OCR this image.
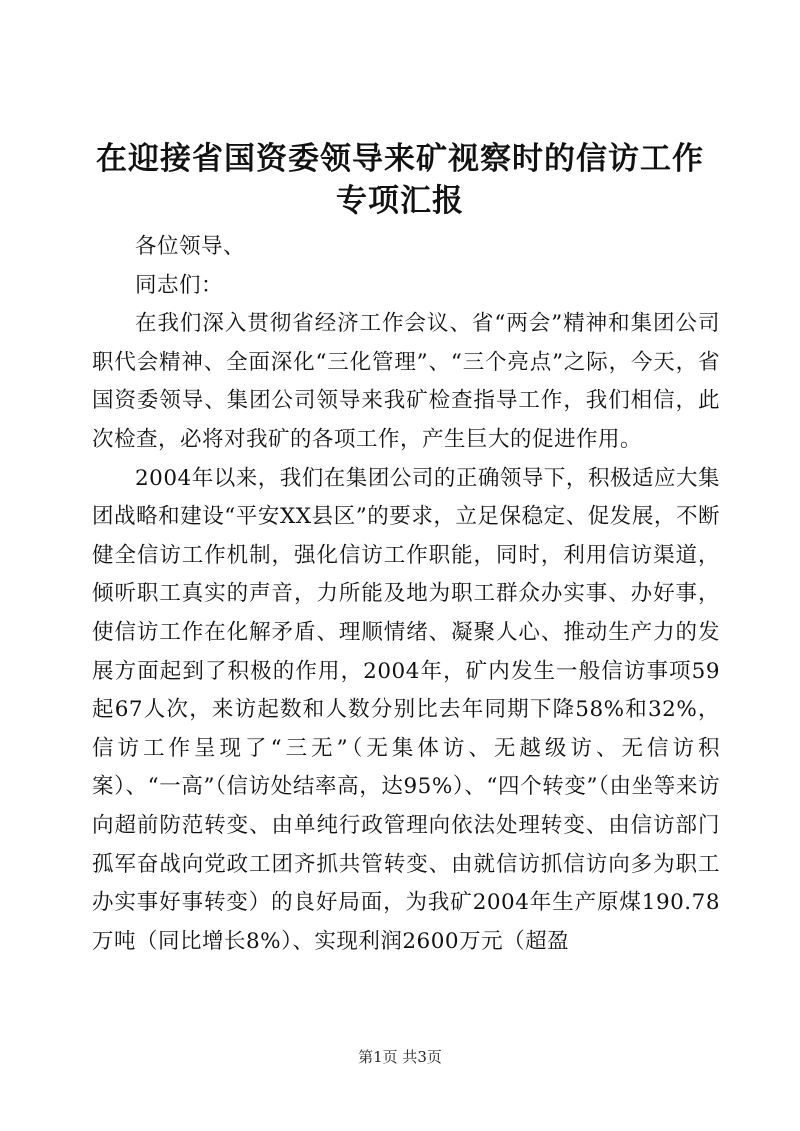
在迎接省国资委领导来矿视察时的信访工作专项汇报

各位领导、

同志们：

在我们深入贯彻省经济工作会议、省“两会”精神和集团公司职代会精神、全面深化“三化管理”、“三个亮点”之际，今天，省国资委领导、集团公司领导来我矿检查指导工作，我们相信，此次检查，必将对我矿的各项工作，产生巨大的促进作用。

2004年以来，我们在集团公司的正确领导下，积极适应大集团战略和建设“平安XX县区”的要求，立足保稳定、促发展，不断健全信访工作机制，强化信访工作职能，同时，利用信访渠道，倾听职工真实的声音，力所能及地为职工群众办实事、办好事，使信访工作在化解矛盾、理顺情绪、凝聚人心、推动生产力的发展方面起到了积极的作用，2004年，矿内发生一般信访事项59起67人次，来访起数和人数分别比去年同期下降58%和32%，信访工作呈现了“三无”（无集体访、无越级访、无信访积案）、“一高”（信访处结率高，达95%）、“四个转变”（由坐等来访向超前防范转变、由单纯行政管理向依法处理转变、由信访部门孤军奋战向党政工团齐抓共管转变、由就信访抓信访向多为职工办实事好事转变）的良好局面，为我矿2004年生产原煤190.78万吨（同比增长8%）、实现利润2600万元（超盈

第1页 共3页
